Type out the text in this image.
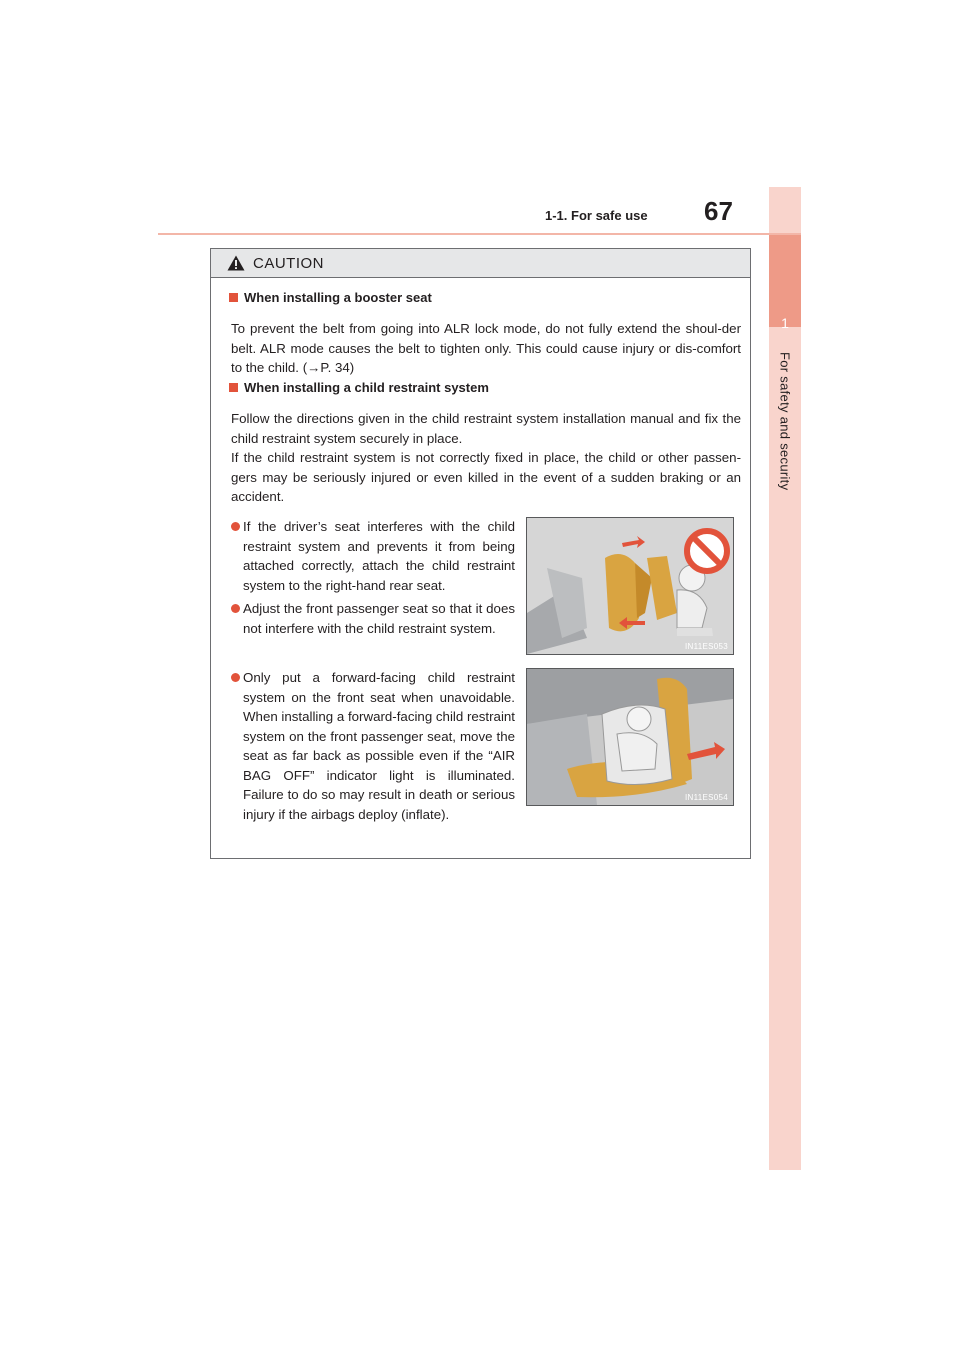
1
For safety and security
1-1. For safe use 67
CAUTION
When installing a booster seat
To prevent the belt from going into ALR lock mode, do not fully extend the shoul-der belt. ALR mode causes the belt to tighten only. This could cause injury or dis-comfort to the child. (→P. 34)
When installing a child restraint system
Follow the directions given in the child restraint system installation manual and fix the child restraint system securely in place.
If the child restraint system is not correctly fixed in place, the child or other passen-gers may be seriously injured or even killed in the event of a sudden braking or an accident.
If the driver’s seat interferes with the child restraint system and prevents it from being attached correctly, attach the child restraint system to the right-hand rear seat.
Adjust the front passenger seat so that it does not interfere with the child restraint system.
Only put a forward-facing child restraint system on the front seat when unavoidable. When installing a forward-facing child restraint system on the front passenger seat, move the seat as far back as possible even if the “AIR BAG OFF” indicator light is illuminated. Failure to do so may result in death or serious injury if the airbags deploy (inflate).
IN11ES053
IN11ES054
